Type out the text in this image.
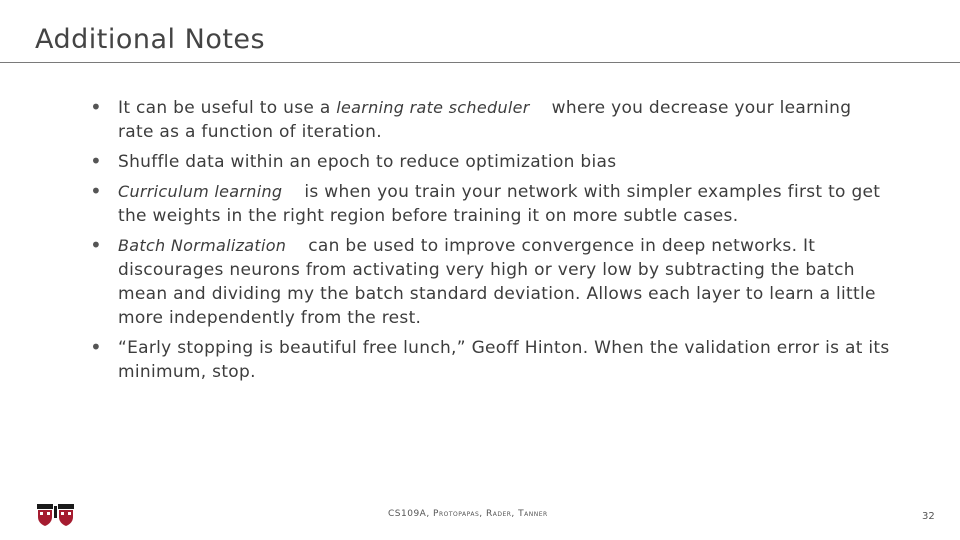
Additional Notes
• It can be useful to use a learning rate scheduler where you decrease your learning rate as a function of iteration.
• Shuffle data within an epoch to reduce optimization bias
• Curriculum learning is when you train your network with simpler examples first to get the weights in the right region before training it on more subtle cases.
• Batch Normalization can be used to improve convergence in deep networks. It discourages neurons from activating very high or very low by subtracting the batch mean and dividing my the batch standard deviation. Allows each layer to learn a little more independently from the rest.
• “Early stopping is beautiful free lunch,” Geoff Hinton. When the validation error is at its minimum, stop.
CS109A, Protopapas, Rader, Tanner	32
